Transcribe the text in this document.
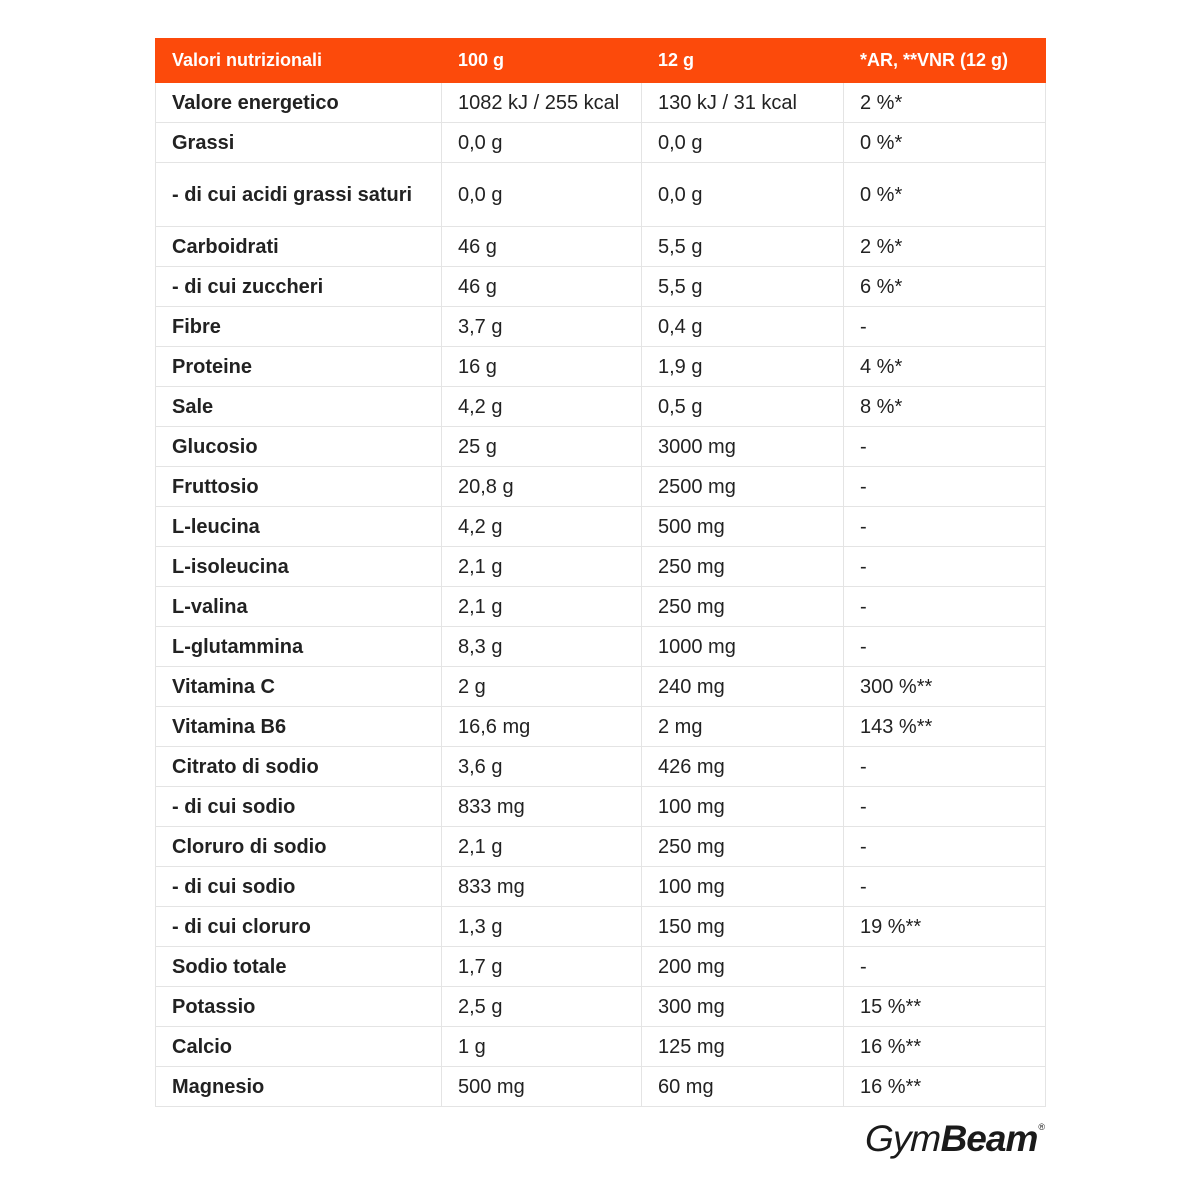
Valori nutrizionali	100 g	12 g	*AR, **VNR (12 g)
Valore energetico	1082 kJ / 255 kcal	130 kJ / 31 kcal	2 %*
Grassi	0,0 g	0,0 g	0 %*
- di cui acidi grassi saturi	0,0 g	0,0 g	0 %*
Carboidrati	46 g	5,5 g	2 %*
- di cui zuccheri	46 g	5,5 g	6 %*
Fibre	3,7 g	0,4 g	-
Proteine	16 g	1,9 g	4 %*
Sale	4,2 g	0,5 g	8 %*
Glucosio	25 g	3000 mg	-
Fruttosio	20,8 g	2500 mg	-
L-leucina	4,2 g	500 mg	-
L-isoleucina	2,1 g	250 mg	-
L-valina	2,1 g	250 mg	-
L-glutammina	8,3 g	1000 mg	-
Vitamina C	2 g	240 mg	300 %**
Vitamina B6	16,6 mg	2 mg	143 %**
Citrato di sodio	3,6 g	426 mg	-
- di cui sodio	833 mg	100 mg	-
Cloruro di sodio	2,1 g	250 mg	-
- di cui sodio	833 mg	100 mg	-
- di cui cloruro	1,3 g	150 mg	19 %**
Sodio totale	1,7 g	200 mg	-
Potassio	2,5 g	300 mg	15 %**
Calcio	1 g	125 mg	16 %**
Magnesio	500 mg	60 mg	16 %**
Gym Beam ®
